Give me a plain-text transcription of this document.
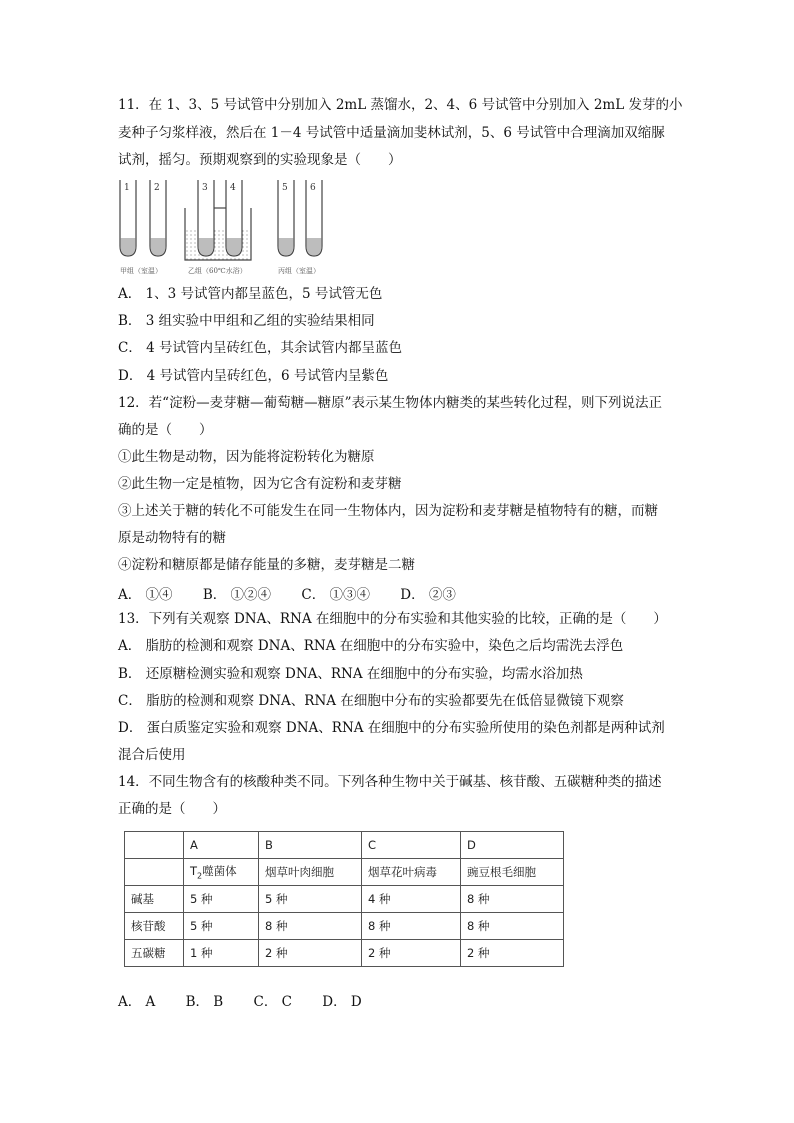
11．在 1、3、5 号试管中分别加入 2mL 蒸馏水，2、4、6 号试管中分别加入 2mL 发芽的小
麦种子匀浆样液，然后在 1－4 号试管中适量滴加斐林试剂，5、6 号试管中合理滴加双缩脲
试剂，摇匀。预期观察到的实验现象是（　　）
1	2	3 4	5 6
甲组（室温）	乙组（60℃水浴）	丙组（室温）
A． 1、3 号试管内都呈蓝色，5 号试管无色
B． 3 组实验中甲组和乙组的实验结果相同
C． 4 号试管内呈砖红色，其余试管内都呈蓝色
D． 4 号试管内呈砖红色，6 号试管内呈紫色
12．若“淀粉—麦芽糖—葡萄糖—糖原”表示某生物体内糖类的某些转化过程，则下列说法正
确的是（　　）
①此生物是动物，因为能将淀粉转化为糖原
②此生物一定是植物，因为它含有淀粉和麦芽糖
③上述关于糖的转化不可能发生在同一生物体内，因为淀粉和麦芽糖是植物特有的糖，而糖
原是动物特有的糖
④淀粉和糖原都是储存能量的多糖，麦芽糖是二糖
A． ①④ B． ①②④ C． ①③④ D． ②③
13．下列有关观察 DNA、RNA 在细胞中的分布实验和其他实验的比较，正确的是（　　）
A． 脂肪的检测和观察 DNA、RNA 在细胞中的分布实验中，染色之后均需洗去浮色
B． 还原糖检测实验和观察 DNA、RNA 在细胞中的分布实验，均需水浴加热
C． 脂肪的检测和观察 DNA、RNA 在细胞中分布的实验都要先在低倍显微镜下观察
D． 蛋白质鉴定实验和观察 DNA、RNA 在细胞中的分布实验所使用的染色剂都是两种试剂
混合后使用
14．不同生物含有的核酸种类不同。下列各种生物中关于碱基、核苷酸、五碳糖种类的描述
正确的是（　　）
	A	B	C	D
	$T_2$噬菌体	烟草叶肉细胞	烟草花叶病毒	豌豆根毛细胞
碱基	5 种	5 种	4 种	8 种
核苷酸	5 种	8 种	8 种	8 种
五碳糖	1 种	2 种	2 种	2 种
A． A B． B C． C D． D
